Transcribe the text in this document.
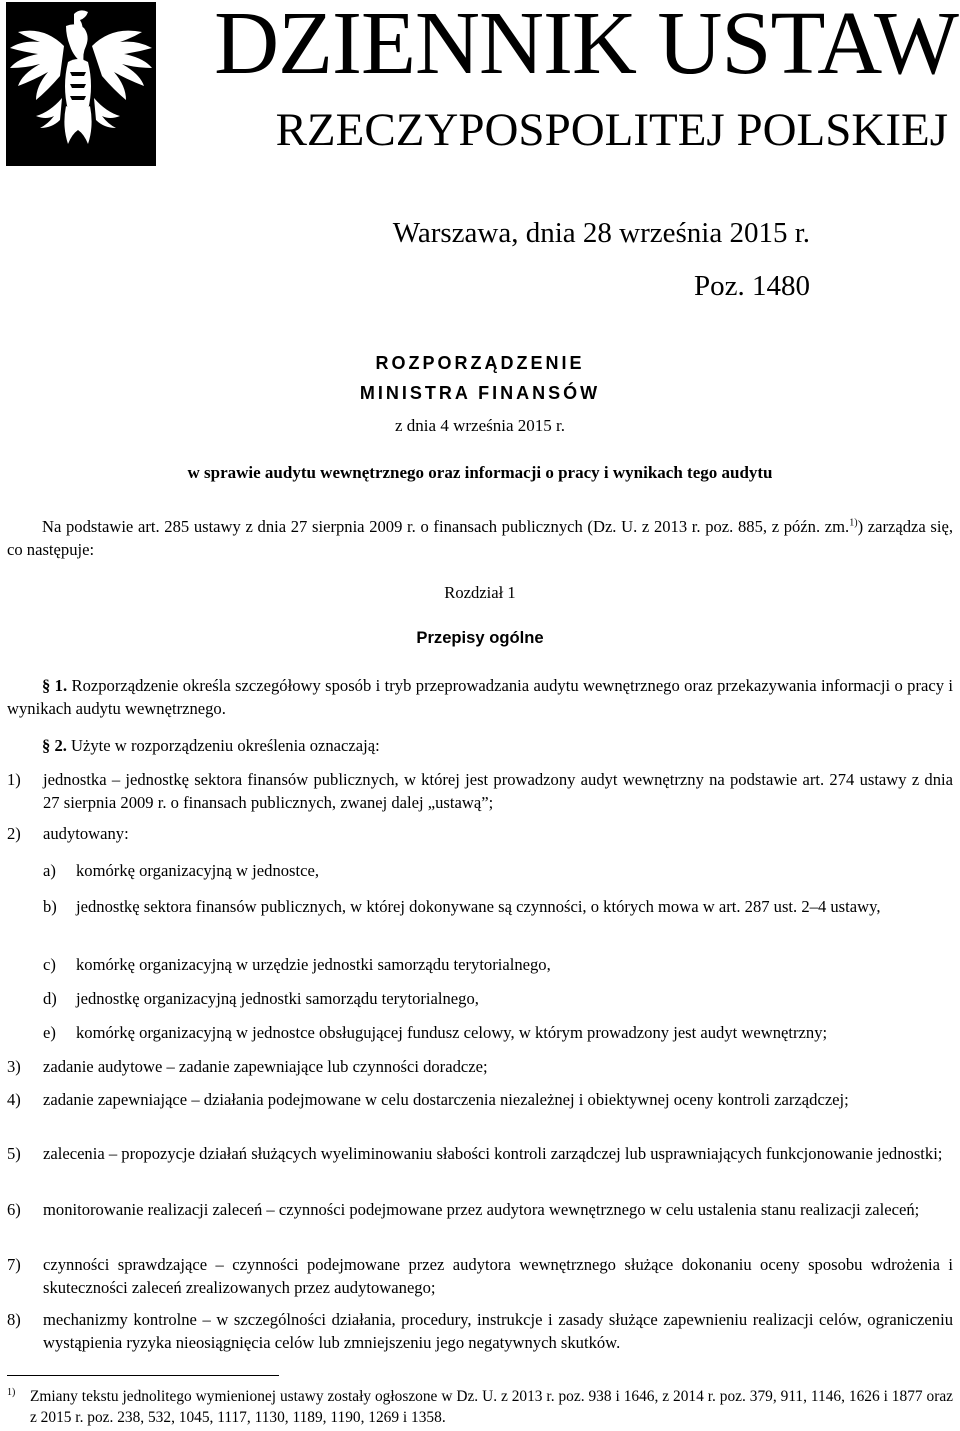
DZIENNIK USTAW
RZECZYPOSPOLITEJ POLSKIEJ
Warszawa, dnia 28 września 2015 r.
Poz. 1480
ROZPORZĄDZENIE
MINISTRA FINANSÓW
z dnia 4 września 2015 r.
w sprawie audytu wewnętrznego oraz informacji o pracy i wynikach tego audytu
Na podstawie art. 285 ustawy z dnia 27 sierpnia 2009 r. o finansach publicznych (Dz. U. z 2013 r. poz. 885, z późn. zm.$^{1)}$) zarządza się, co następuje:
Rozdział 1
Przepisy ogólne
§ 1. Rozporządzenie określa szczegółowy sposób i tryb przeprowadzania audytu wewnętrznego oraz przekazywania informacji o pracy i wynikach audytu wewnętrznego.
§ 2. Użyte w rozporządzeniu określenia oznaczają:
1) jednostka – jednostkę sektora finansów publicznych, w której jest prowadzony audyt wewnętrzny na podstawie art. 274 ustawy z dnia 27 sierpnia 2009 r. o finansach publicznych, zwanej dalej „ustawą”;
2) audytowany:
a) komórkę organizacyjną w jednostce,
b) jednostkę sektora finansów publicznych, w której dokonywane są czynności, o których mowa w art. 287 ust. 2–4 ustawy,
c) komórkę organizacyjną w urzędzie jednostki samorządu terytorialnego,
d) jednostkę organizacyjną jednostki samorządu terytorialnego,
e) komórkę organizacyjną w jednostce obsługującej fundusz celowy, w którym prowadzony jest audyt wewnętrzny;
3) zadanie audytowe – zadanie zapewniające lub czynności doradcze;
4) zadanie zapewniające – działania podejmowane w celu dostarczenia niezależnej i obiektywnej oceny kontroli zarządczej;
5) zalecenia – propozycje działań służących wyeliminowaniu słabości kontroli zarządczej lub usprawniających funkcjonowanie jednostki;
6) monitorowanie realizacji zaleceń – czynności podejmowane przez audytora wewnętrznego w celu ustalenia stanu realizacji zaleceń;
7) czynności sprawdzające – czynności podejmowane przez audytora wewnętrznego służące dokonaniu oceny sposobu wdrożenia i skuteczności zaleceń zrealizowanych przez audytowanego;
8) mechanizmy kontrolne – w szczególności działania, procedury, instrukcje i zasady służące zapewnieniu realizacji celów, ograniczeniu wystąpienia ryzyka nieosiągnięcia celów lub zmniejszeniu jego negatywnych skutków.
1) Zmiany tekstu jednolitego wymienionej ustawy zostały ogłoszone w Dz. U. z 2013 r. poz. 938 i 1646, z 2014 r. poz. 379, 911, 1146, 1626 i 1877 oraz z 2015 r. poz. 238, 532, 1045, 1117, 1130, 1189, 1190, 1269 i 1358.
